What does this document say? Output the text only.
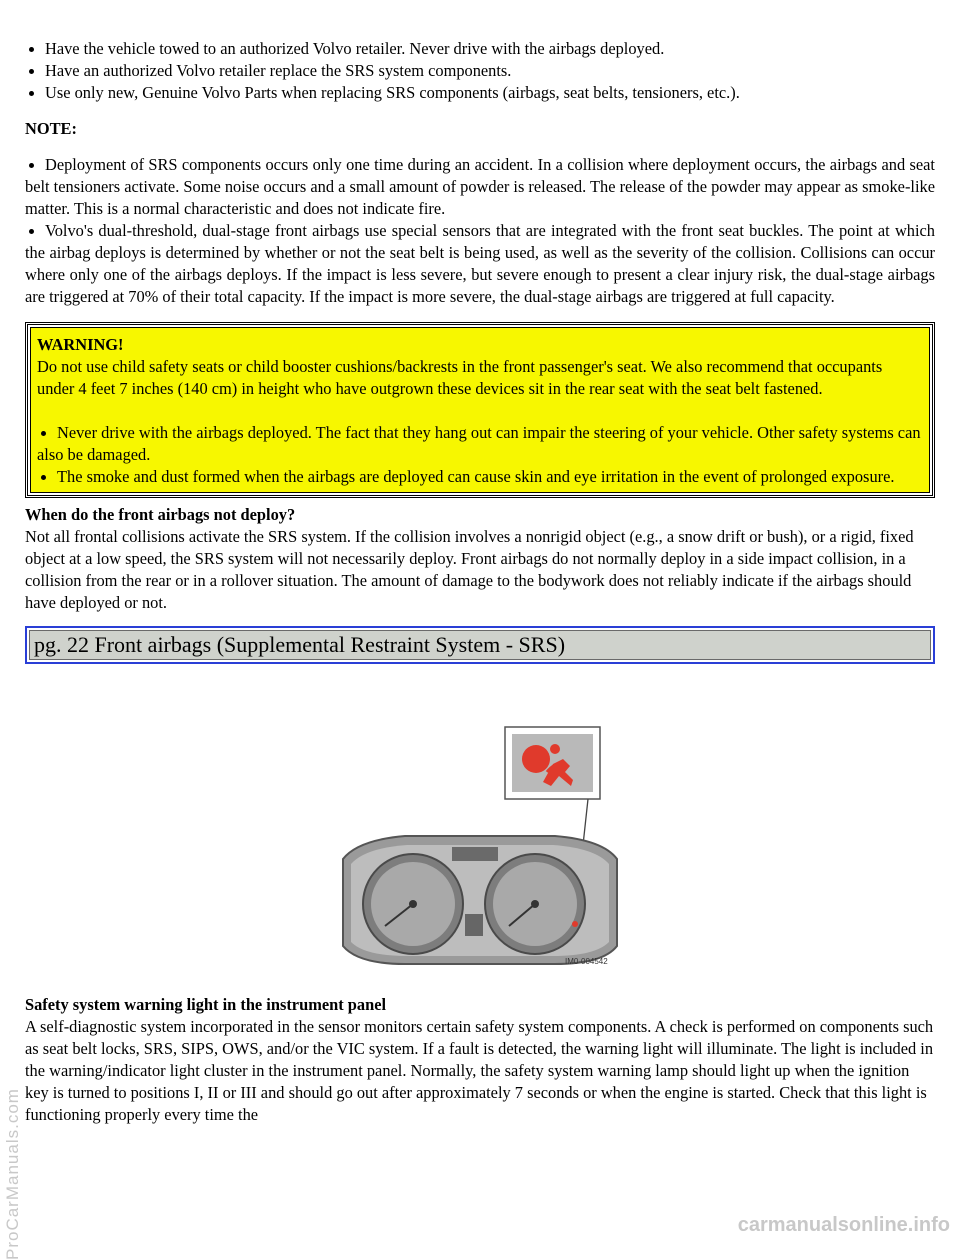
Have the vehicle towed to an authorized Volvo retailer. Never drive with the airbags deployed.
Have an authorized Volvo retailer replace the SRS system components.
Use only new, Genuine Volvo Parts when replacing SRS components (airbags, seat belts, tensioners, etc.).
NOTE:

Deployment of SRS components occurs only one time during an accident. In a collision where deployment occurs, the airbags and seat belt tensioners activate. Some noise occurs and a small amount of powder is released. The release of the powder may appear as smoke-like matter. This is a normal characteristic and does not indicate fire.

Volvo's dual-threshold, dual-stage front airbags use special sensors that are integrated with the front seat buckles. The point at which the airbag deploys is determined by whether or not the seat belt is being used, as well as the severity of the collision. Collisions can occur where only one of the airbags deploys. If the impact is less severe, but severe enough to present a clear injury risk, the dual-stage airbags are triggered at 70% of their total capacity. If the impact is more severe, the dual-stage airbags are triggered at full capacity.

WARNING!
Do not use child safety seats or child booster cushions/backrests in the front passenger's seat. We also recommend that occupants under 4 feet 7 inches (140 cm) in height who have outgrown these devices sit in the rear seat with the seat belt fastened.

Never drive with the airbags deployed. The fact that they hang out can impair the steering of your vehicle. Other safety systems can also be damaged.

The smoke and dust formed when the airbags are deployed can cause skin and eye irritation in the event of prolonged exposure.

When do the front airbags not deploy?
Not all frontal collisions activate the SRS system. If the collision involves a nonrigid object (e.g., a snow drift or bush), or a rigid, fixed object at a low speed, the SRS system will not necessarily deploy. Front airbags do not normally deploy in a side impact collision, in a collision from the rear or in a rollover situation. The amount of damage to the bodywork does not reliably indicate if the airbags should have deployed or not.
pg. 22 Front airbags (Supplemental Restraint System - SRS)
IM0-004542
Safety system warning light in the instrument panel
A self-diagnostic system incorporated in the sensor monitors certain safety system components. A check is performed on components such as seat belt locks, SRS, SIPS, OWS, and/or the VIC system. If a fault is detected, the warning light will illuminate. The light is included in the warning/indicator light cluster in the instrument panel. Normally, the safety system warning lamp should light up when the ignition key is turned to positions I, II or III and should go out after approximately 7 seconds or when the engine is started. Check that this light is functioning properly every time the
ProCarManuals.com	carmanualsonline.info
